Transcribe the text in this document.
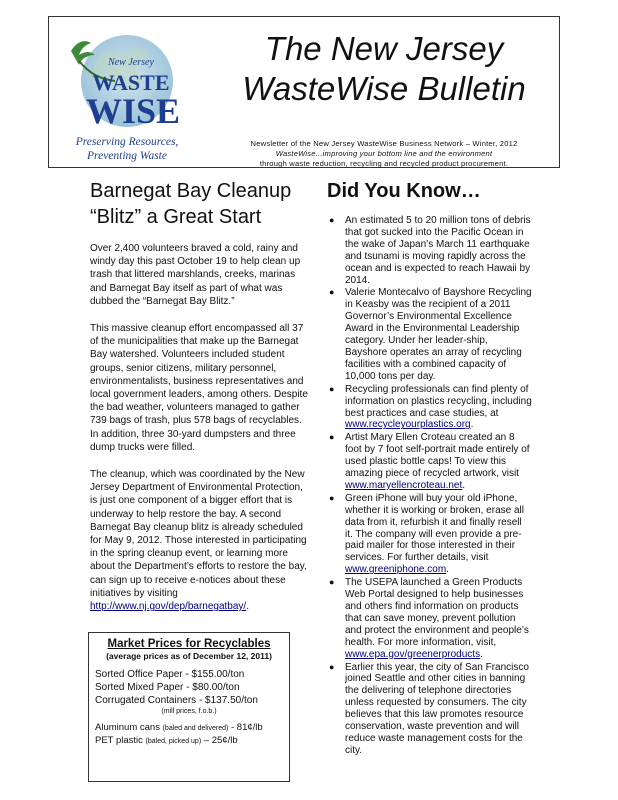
New Jersey
WASTE
WISE
Preserving Resources,
Preventing Waste
The New Jersey
WasteWise Bulletin
Newsletter of the New Jersey WasteWise Business Network – Winter, 2012
WasteWise...improving your bottom line and the environment
through waste reduction, recycling and recycled product procurement.
Barnegat Bay Cleanup
“Blitz” a Great Start

Over 2,400 volunteers braved a cold, rainy and windy day this past October 19 to help clean up trash that littered marshlands, creeks, marinas and Barnegat Bay itself as part of what was dubbed the “Barnegat Bay Blitz.”

This massive cleanup effort encompassed all 37 of the municipalities that make up the Barnegat Bay watershed. Volunteers included student groups, senior citizens, military personnel, environmentalists, business representatives and local government leaders, among others. Despite the bad weather, volunteers managed to gather 739 bags of trash, plus 578 bags of recyclables. In addition, three 30-yard dumpsters and three dump trucks were filled.

The cleanup, which was coordinated by the New Jersey Department of Environmental Protection, is just one component of a bigger effort that is underway to help restore the bay. A second Barnegat Bay cleanup blitz is already scheduled for May 9, 2012. Those interested in participating in the spring cleanup event, or learning more about the Department’s efforts to restore the bay, can sign up to receive e-notices about these initiatives by visiting http://www.nj.gov/dep/barnegatbay/.

Market Prices for Recyclables
(average prices as of December 12, 2011)
Sorted Office Paper - $155.00/ton
Sorted Mixed Paper - $80.00/ton
Corrugated Containers - $137.50/ton
(mill prices, f.o.b.)
Aluminum cans (baled and delivered) - 81¢/lb
PET plastic (baled, picked up) – 25¢/lb
Did You Know…
● An estimated 5 to 20 million tons of debris that got sucked into the Pacific Ocean in the wake of Japan’s March 11 earthquake and tsunami is moving rapidly across the ocean and is expected to reach Hawaii by 2014.
● Valerie Montecalvo of Bayshore Recycling in Keasby was the recipient of a 2011 Governor’s Environmental Excellence Award in the Environmental Leadership category. Under her leader-ship, Bayshore operates an array of recycling facilities with a combined capacity of 10,000 tons per day.
● Recycling professionals can find plenty of information on plastics recycling, including best practices and case studies, at www.recycleyourplastics.org.
● Artist Mary Ellen Croteau created an 8 foot by 7 foot self-portrait made entirely of used plastic bottle caps! To view this amazing piece of recycled artwork, visit www.maryellencroteau.net.
● Green iPhone will buy your old iPhone, whether it is working or broken, erase all data from it, refurbish it and finally resell it. The company will even provide a pre-paid mailer for those interested in their services. For further details, visit www.greeniphone.com.
● The USEPA launched a Green Products Web Portal designed to help businesses and others find information on products that can save money, prevent pollution and protect the environment and people’s health. For more information, visit, www.epa.gov/greenerproducts.
● Earlier this year, the city of San Francisco joined Seattle and other cities in banning the delivering of telephone directories unless requested by consumers. The city believes that this law promotes resource conservation, waste prevention and will reduce waste management costs for the city.
